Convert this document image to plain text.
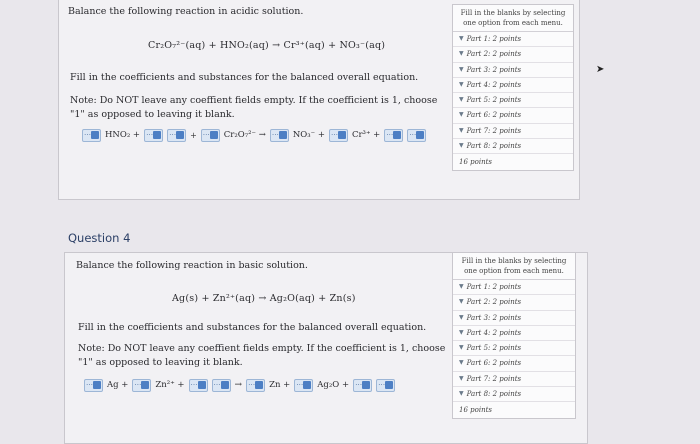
Balance the following reaction in acidic solution.
Cr₂O₇²⁻(aq) + HNO₂(aq) → Cr³⁺(aq) + NO₃⁻(aq)
Fill in the coefficients and substances for the balanced overall equation.
Note: Do NOT leave any coeffient fields empty. If the coefficient is 1, choose "1" as opposed to leaving it blank.
⋯ HNO₂ + ⋯ ⋯ + ⋯ Cr₂O₇²⁻ → ⋯ NO₃⁻ + ⋯ Cr³⁺ + ⋯ ⋯
Fill in the blanks by selecting one option from each menu.
▼ Part 1: 2 points
▼ Part 2: 2 points
▼ Part 3: 2 points
▼ Part 4: 2 points
▼ Part 5: 2 points
▼ Part 6: 2 points
▼ Part 7: 2 points
▼ Part 8: 2 points
16 points
➤
Question 4
Balance the following reaction in basic solution.
Ag(s) + Zn²⁺(aq) → Ag₂O(aq) + Zn(s)
Fill in the coefficients and substances for the balanced overall equation.
Note: Do NOT leave any coeffient fields empty. If the coefficient is 1, choose "1" as opposed to leaving it blank.
⋯ Ag + ⋯ Zn²⁺ + ⋯ ⋯ → ⋯ Zn + ⋯ Ag₂O + ⋯ ⋯
Fill in the blanks by selecting one option from each menu.
▼ Part 1: 2 points
▼ Part 2: 2 points
▼ Part 3: 2 points
▼ Part 4: 2 points
▼ Part 5: 2 points
▼ Part 6: 2 points
▼ Part 7: 2 points
▼ Part 8: 2 points
16 points
